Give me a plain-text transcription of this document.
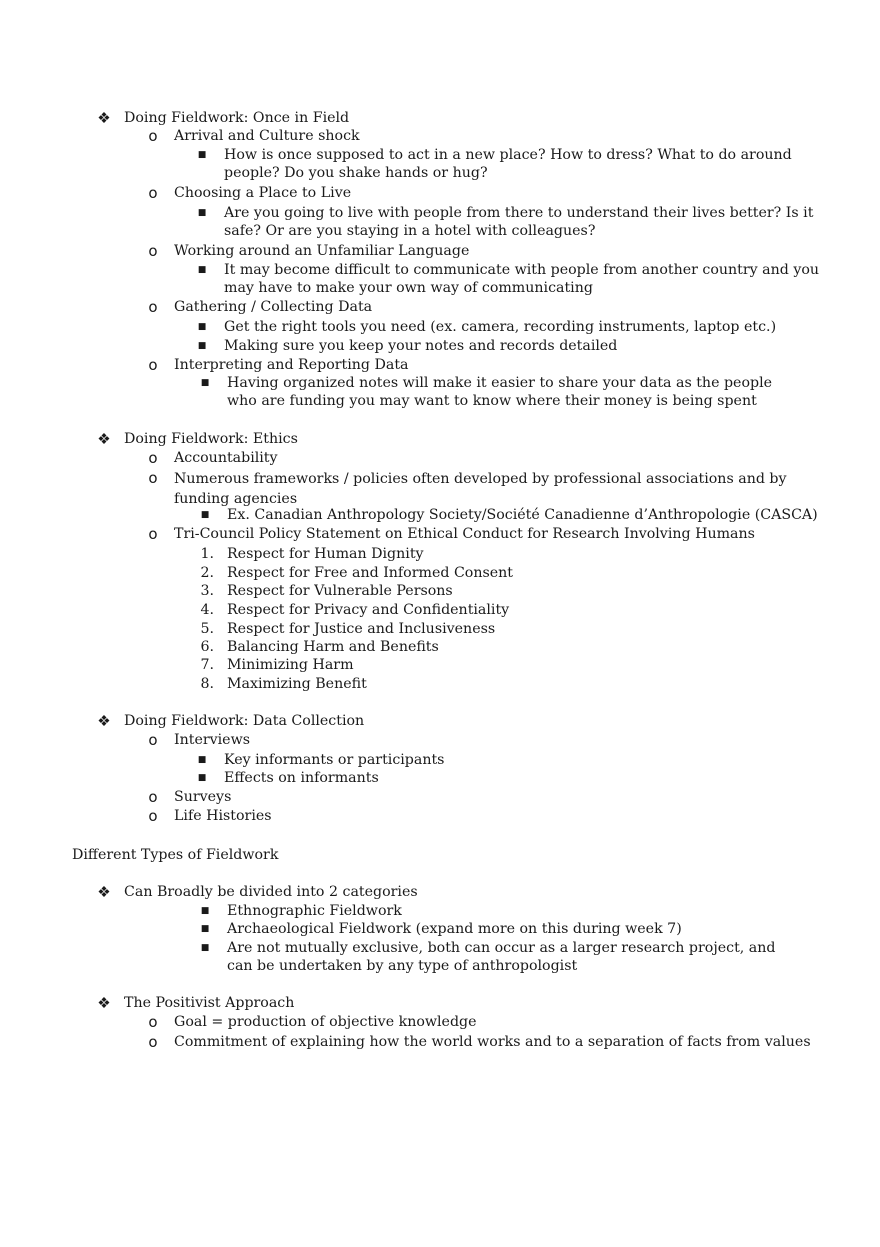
❖ Doing Fieldwork: Once in Field
o Arrival and Culture shock
■ How is once supposed to act in a new place? How to dress? What to do around people? Do you shake hands or hug?
o Choosing a Place to Live
■ Are you going to live with people from there to understand their lives better? Is it safe? Or are you staying in a hotel with colleagues?
o Working around an Unfamiliar Language
■ It may become difficult to communicate with people from another country and you may have to make your own way of communicating
o Gathering / Collecting Data
■ Get the right tools you need (ex. camera, recording instruments, laptop etc.)
■ Making sure you keep your notes and records detailed
o Interpreting and Reporting Data
■ Having organized notes will make it easier to share your data as the people who are funding you may want to know where their money is being spent
❖ Doing Fieldwork: Ethics
o Accountability
o Numerous frameworks / policies often developed by professional associations and by funding agencies
■ Ex. Canadian Anthropology Society/Société Canadienne d’Anthropologie (CASCA)
o Tri-Council Policy Statement on Ethical Conduct for Research Involving Humans
1. Respect for Human Dignity
2. Respect for Free and Informed Consent
3. Respect for Vulnerable Persons
4. Respect for Privacy and Confidentiality
5. Respect for Justice and Inclusiveness
6. Balancing Harm and Benefits
7. Minimizing Harm
8. Maximizing Benefit
❖ Doing Fieldwork: Data Collection
o Interviews
■ Key informants or participants
■ Effects on informants
o Surveys
o Life Histories
Different Types of Fieldwork
❖ Can Broadly be divided into 2 categories
■ Ethnographic Fieldwork
■ Archaeological Fieldwork (expand more on this during week 7)
■ Are not mutually exclusive, both can occur as a larger research project, and can be undertaken by any type of anthropologist
❖ The Positivist Approach
o Goal = production of objective knowledge
o Commitment of explaining how the world works and to a separation of facts from values
